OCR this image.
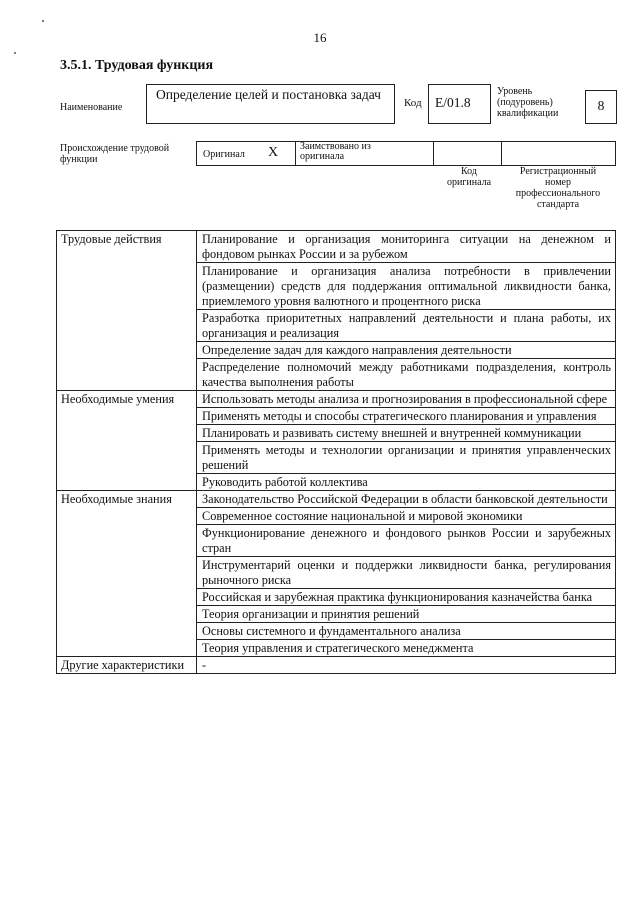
16
3.5.1. Трудовая функция
Наименование
Определение целей и постановка задач
Код E/01.8
Уровень
(подуровень)
квалификации
8
Происхождение трудовой
функции	Оригинал X Заимствовано из
оригинала
Код
оригинала
Регистрационный
номер
профессионального
стандарта
Трудовые действия	Планирование и организация мониторинга ситуации на денежном и фондовом рынках России и за рубежом
	Планирование и организация анализа потребности в привлечении (размещении) средств для поддержания оптимальной ликвидности банка, приемлемого уровня валютного и процентного риска
	Разработка приоритетных направлений деятельности и плана работы, их организация и реализация
	Определение задач для каждого направления деятельности
	Распределение полномочий между работниками подразделения, контроль качества выполнения работы
Необходимые умения	Использовать методы анализа и прогнозирования в профессиональной сфере
	Применять методы и способы стратегического планирования и управления
	Планировать и развивать систему внешней и внутренней коммуникации
	Применять методы и технологии организации и принятия управленческих решений
	Руководить работой коллектива
Необходимые знания	Законодательство Российской Федерации в области банковской деятельности
	Современное состояние национальной и мировой экономики
	Функционирование денежного и фондового рынков России и зарубежных стран
	Инструментарий оценки и поддержки ликвидности банка, регулирования рыночного риска
	Российская и зарубежная практика функционирования казначейства банка
	Теория организации и принятия решений
	Основы системного и фундаментального анализа
	Теория управления и стратегического менеджмента
Другие характеристики	-
